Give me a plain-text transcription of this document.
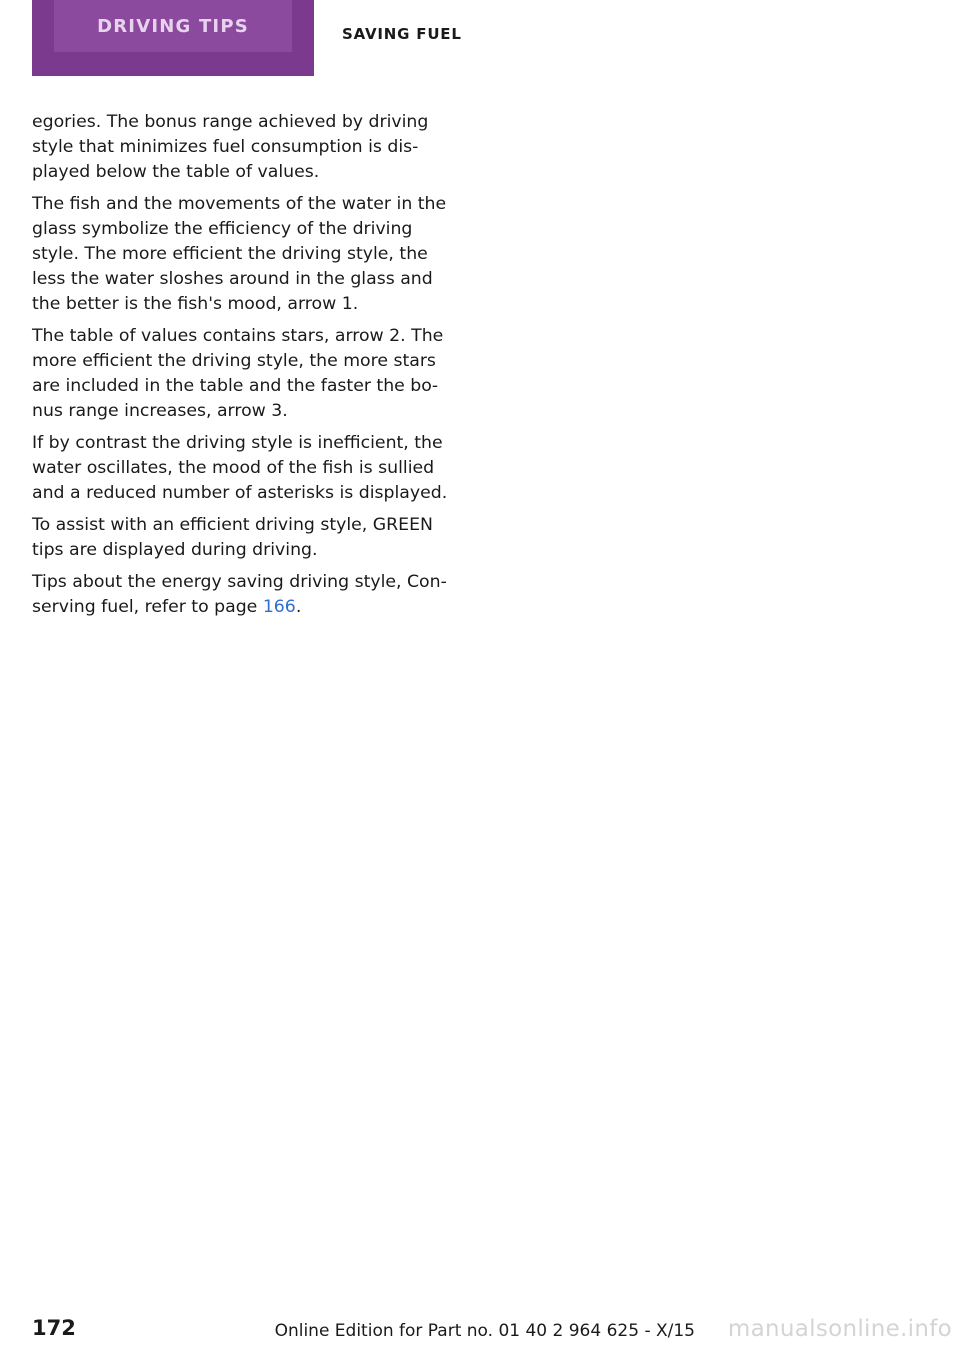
DRIVING TIPS	SAVING FUEL

egories. The bonus range achieved by driving style that minimizes fuel consumption is dis‐played below the table of values.

The fish and the movements of the water in the glass symbolize the efficiency of the driving style. The more efficient the driving style, the less the water sloshes around in the glass and the better is the fish's mood, arrow 1.

The table of values contains stars, arrow 2. The more efficient the driving style, the more stars are included in the table and the faster the bo‐nus range increases, arrow 3.

If by contrast the driving style is inefficient, the water oscillates, the mood of the fish is sullied and a reduced number of asterisks is displayed.

To assist with an efficient driving style, GREEN tips are displayed during driving.

Tips about the energy saving driving style, Con‐serving fuel, refer to page 166.

172	Online Edition for Part no. 01 40 2 964 625 - X/15 manualsonline.info
